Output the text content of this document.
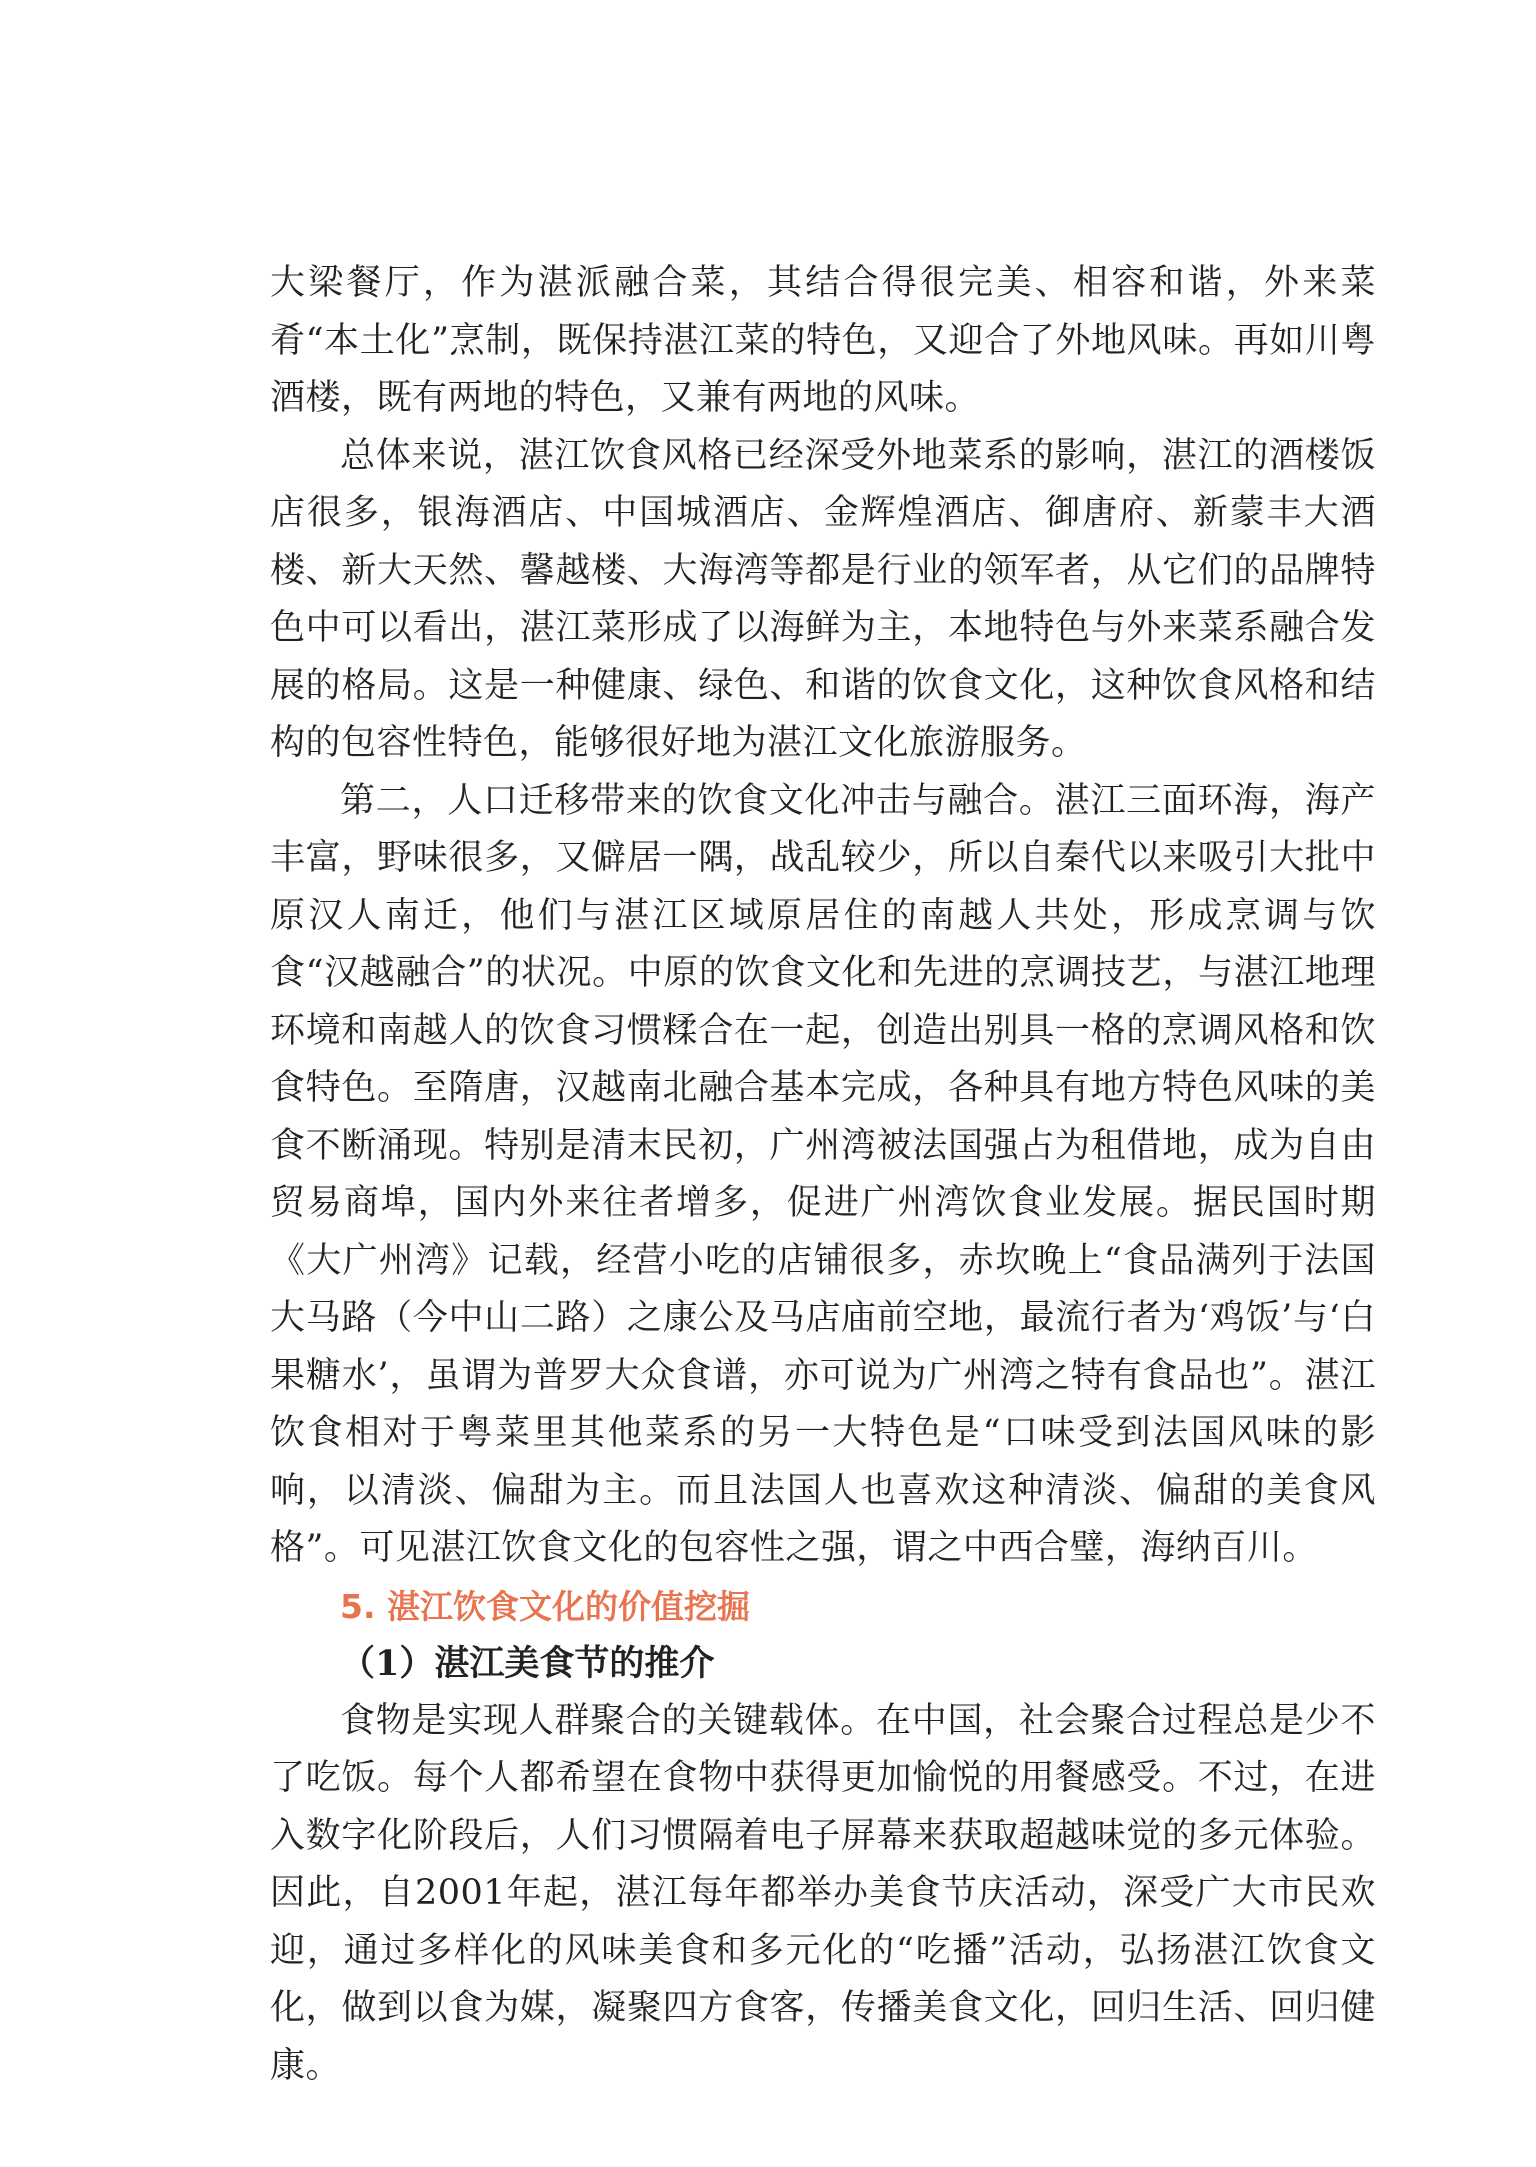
大梁餐厅，作为湛派融合菜，其结合得很完美、相容和谐，外来菜肴“本土化”烹制，既保持湛江菜的特色，又迎合了外地风味。再如川粤酒楼，既有两地的特色，又兼有两地的风味。

总体来说，湛江饮食风格已经深受外地菜系的影响，湛江的酒楼饭店很多，银海酒店、中国城酒店、金辉煌酒店、御唐府、新蒙丰大酒楼、新大天然、馨越楼、大海湾等都是行业的领军者，从它们的品牌特色中可以看出，湛江菜形成了以海鲜为主，本地特色与外来菜系融合发展的格局。这是一种健康、绿色、和谐的饮食文化，这种饮食风格和结构的包容性特色，能够很好地为湛江文化旅游服务。

第二，人口迁移带来的饮食文化冲击与融合。湛江三面环海，海产丰富，野味很多，又僻居一隅，战乱较少，所以自秦代以来吸引大批中原汉人南迁，他们与湛江区域原居住的南越人共处，形成烹调与饮食“汉越融合”的状况。中原的饮食文化和先进的烹调技艺，与湛江地理环境和南越人的饮食习惯糅合在一起，创造出别具一格的烹调风格和饮食特色。至隋唐，汉越南北融合基本完成，各种具有地方特色风味的美食不断涌现。特别是清末民初，广州湾被法国强占为租借地，成为自由贸易商埠，国内外来往者增多，促进广州湾饮食业发展。据民国时期《大广州湾》记载，经营小吃的店铺很多，赤坎晚上“食品满列于法国大马路（今中山二路）之康公及马店庙前空地，最流行者为‘鸡饭’与‘白果糖水’，虽谓为普罗大众食谱，亦可说为广州湾之特有食品也”。湛江饮食相对于粤菜里其他菜系的另一大特色是“口味受到法国风味的影响，以清淡、偏甜为主。而且法国人也喜欢这种清淡、偏甜的美食风格”。可见湛江饮食文化的包容性之强，谓之中西合璧，海纳百川。

5. 湛江饮食文化的价值挖掘
（1）湛江美食节的推介

食物是实现人群聚合的关键载体。在中国，社会聚合过程总是少不了吃饭。每个人都希望在食物中获得更加愉悦的用餐感受。不过，在进入数字化阶段后，人们习惯隔着电子屏幕来获取超越味觉的多元体验。因此，自2001年起，湛江每年都举办美食节庆活动，深受广大市民欢迎，通过多样化的风味美食和多元化的“吃播”活动，弘扬湛江饮食文化，做到以食为媒，凝聚四方食客，传播美食文化，回归生活、回归健康。
